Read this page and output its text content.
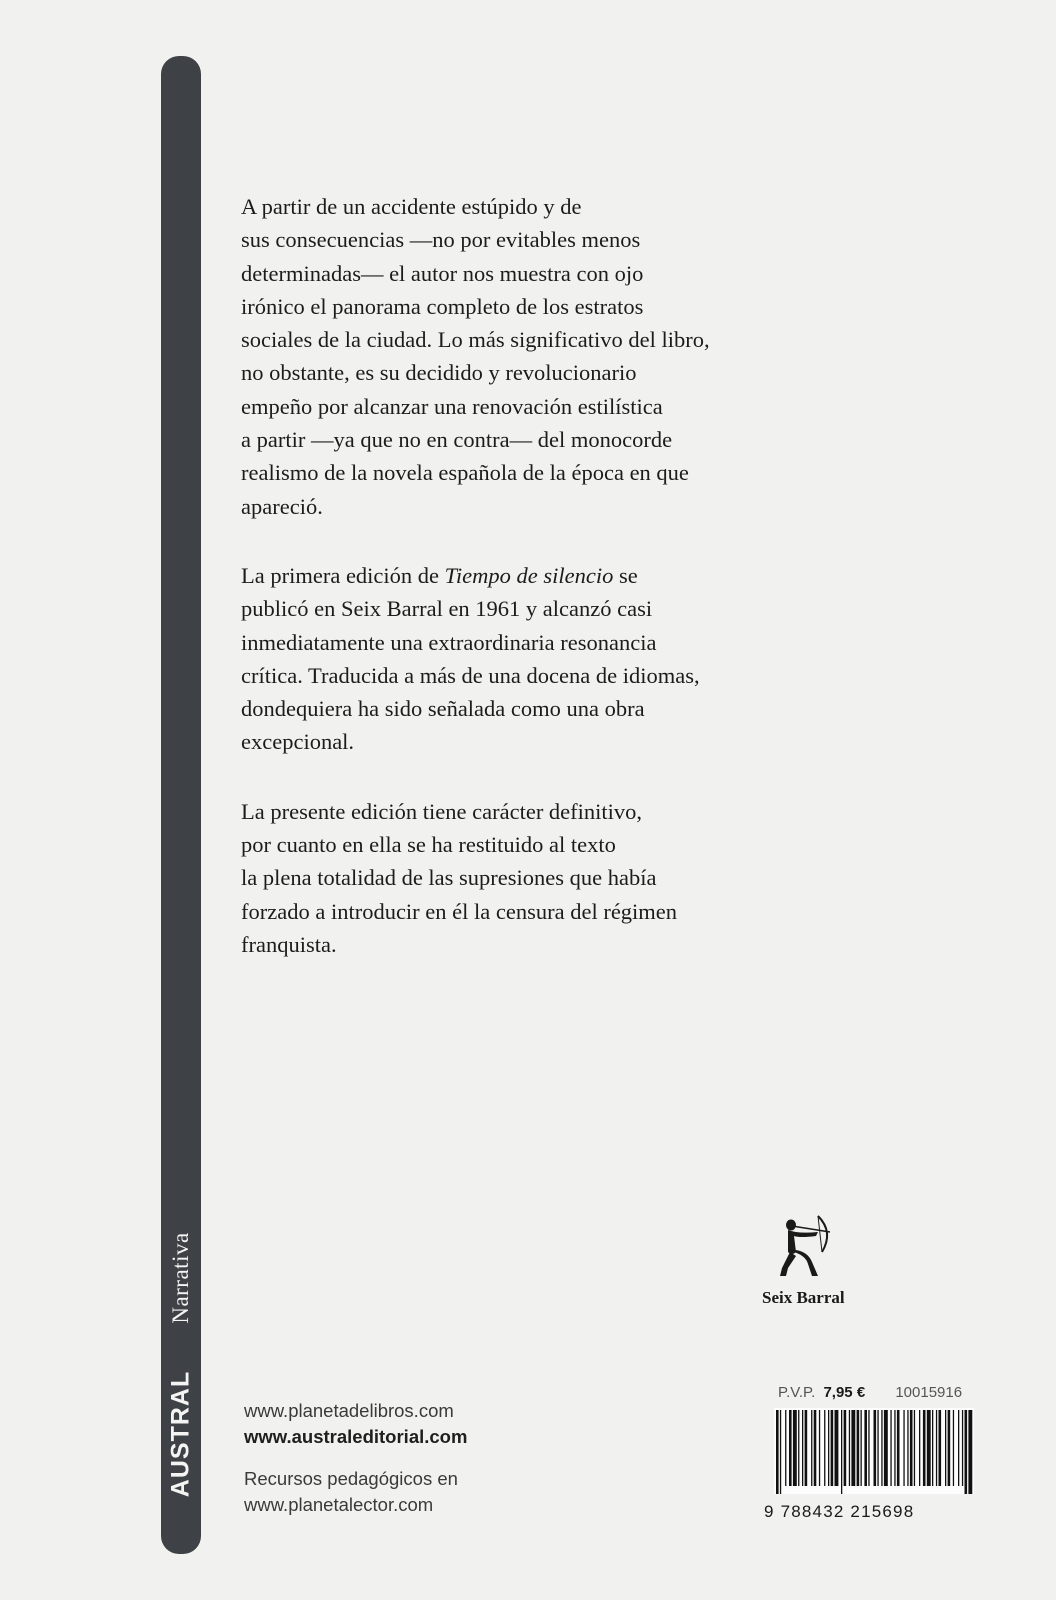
Narrativa
AUSTRAL

A partir de un accidente estúpido y de
sus consecuencias —no por evitables menos
determinadas— el autor nos muestra con ojo
irónico el panorama completo de los estratos
sociales de la ciudad. Lo más significativo del libro,
no obstante, es su decidido y revolucionario
empeño por alcanzar una renovación estilística
a partir —ya que no en contra— del monocorde
realismo de la novela española de la época en que
apareció.

La primera edición de Tiempo de silencio se
publicó en Seix Barral en 1961 y alcanzó casi
inmediatamente una extraordinaria resonancia
crítica. Traducida a más de una docena de idiomas,
dondequiera ha sido señalada como una obra
excepcional.

La presente edición tiene carácter definitivo,
por cuanto en ella se ha restituido al texto
la plena totalidad de las supresiones que había
forzado a introducir en él la censura del régimen
franquista.

Seix Barral
www.planetadelibros.com
www.australeditorial.com
Recursos pedagógicos en
www.planetalector.com
P.V.P. 7,95 € 10015916
9 788432 215698
